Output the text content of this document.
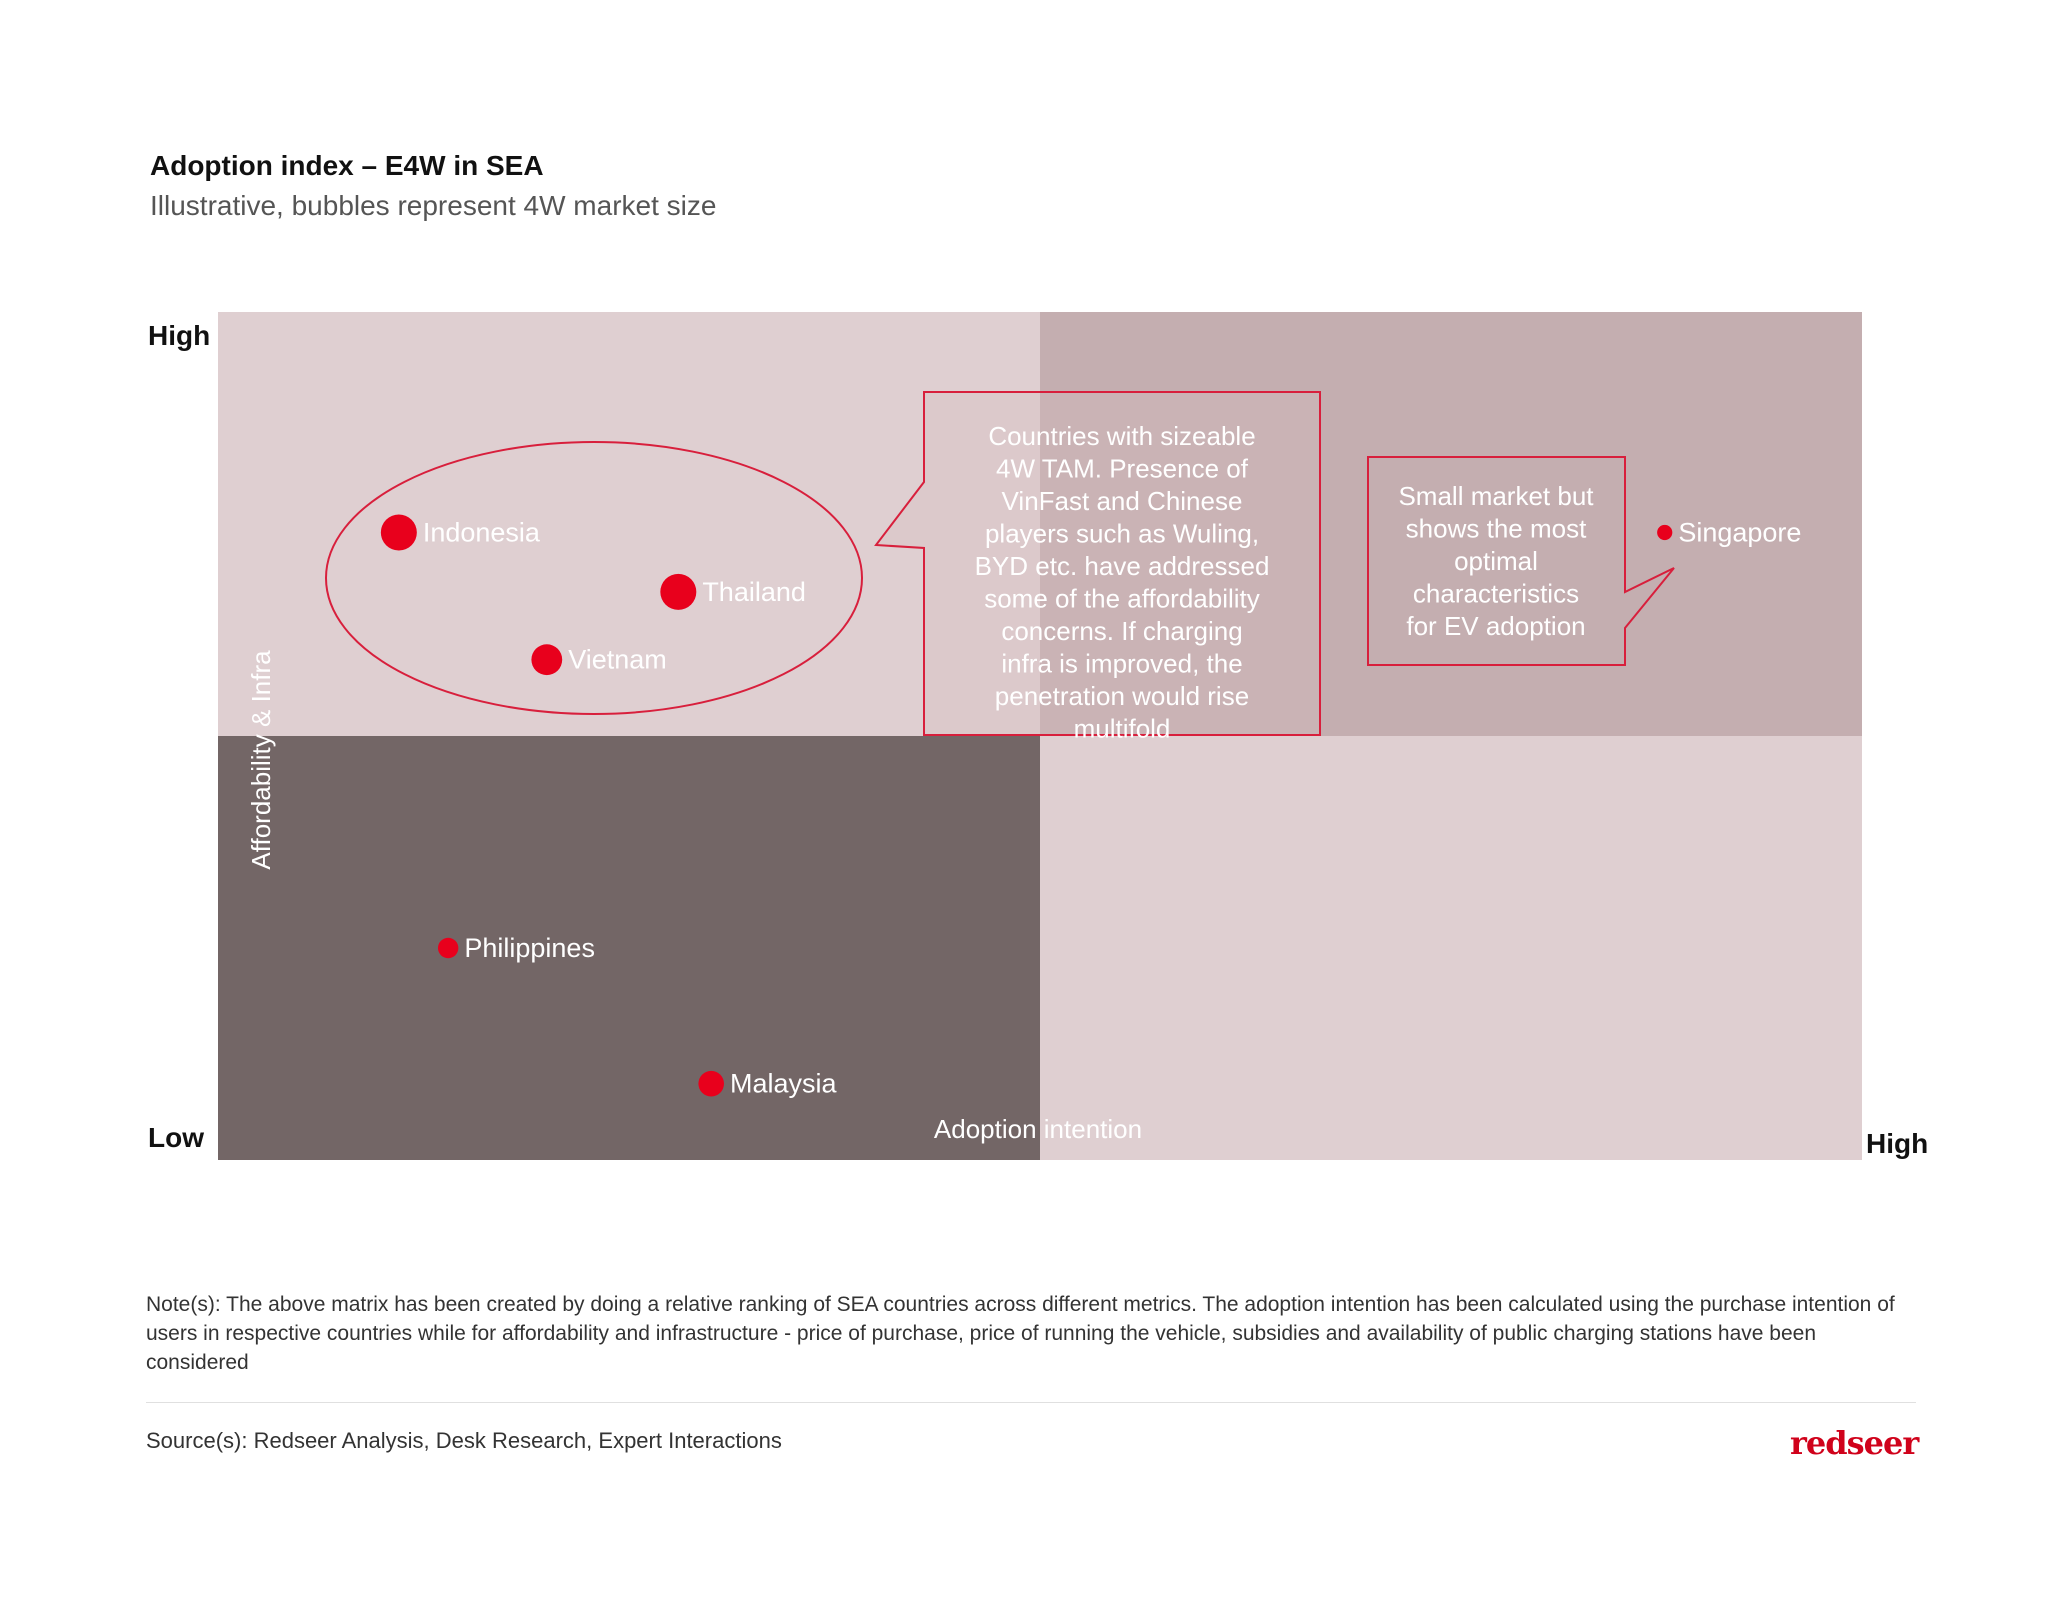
Adoption index – E4W in SEA
Illustrative, bubbles represent 4W market size
Indonesia
Thailand
Vietnam
Philippines
Malaysia
Singapore
Countries with sizeable 4W TAM. Presence of VinFast and Chinese players such as Wuling, BYD etc. have addressed some of the affordability concerns. If charging infra is improved, the penetration would rise multifold
Small market but shows the most optimal characteristics for EV adoption
Adoption intention
Affordability & Infra
High
Low	High
Note(s): The above matrix has been created by doing a relative ranking of SEA countries across different metrics. The adoption intention has been calculated using the purchase intention of users in respective countries while for affordability and infrastructure - price of purchase, price of running the vehicle, subsidies and availability of public charging stations have been considered
Source(s): Redseer Analysis, Desk Research, Expert Interactions	redseer
